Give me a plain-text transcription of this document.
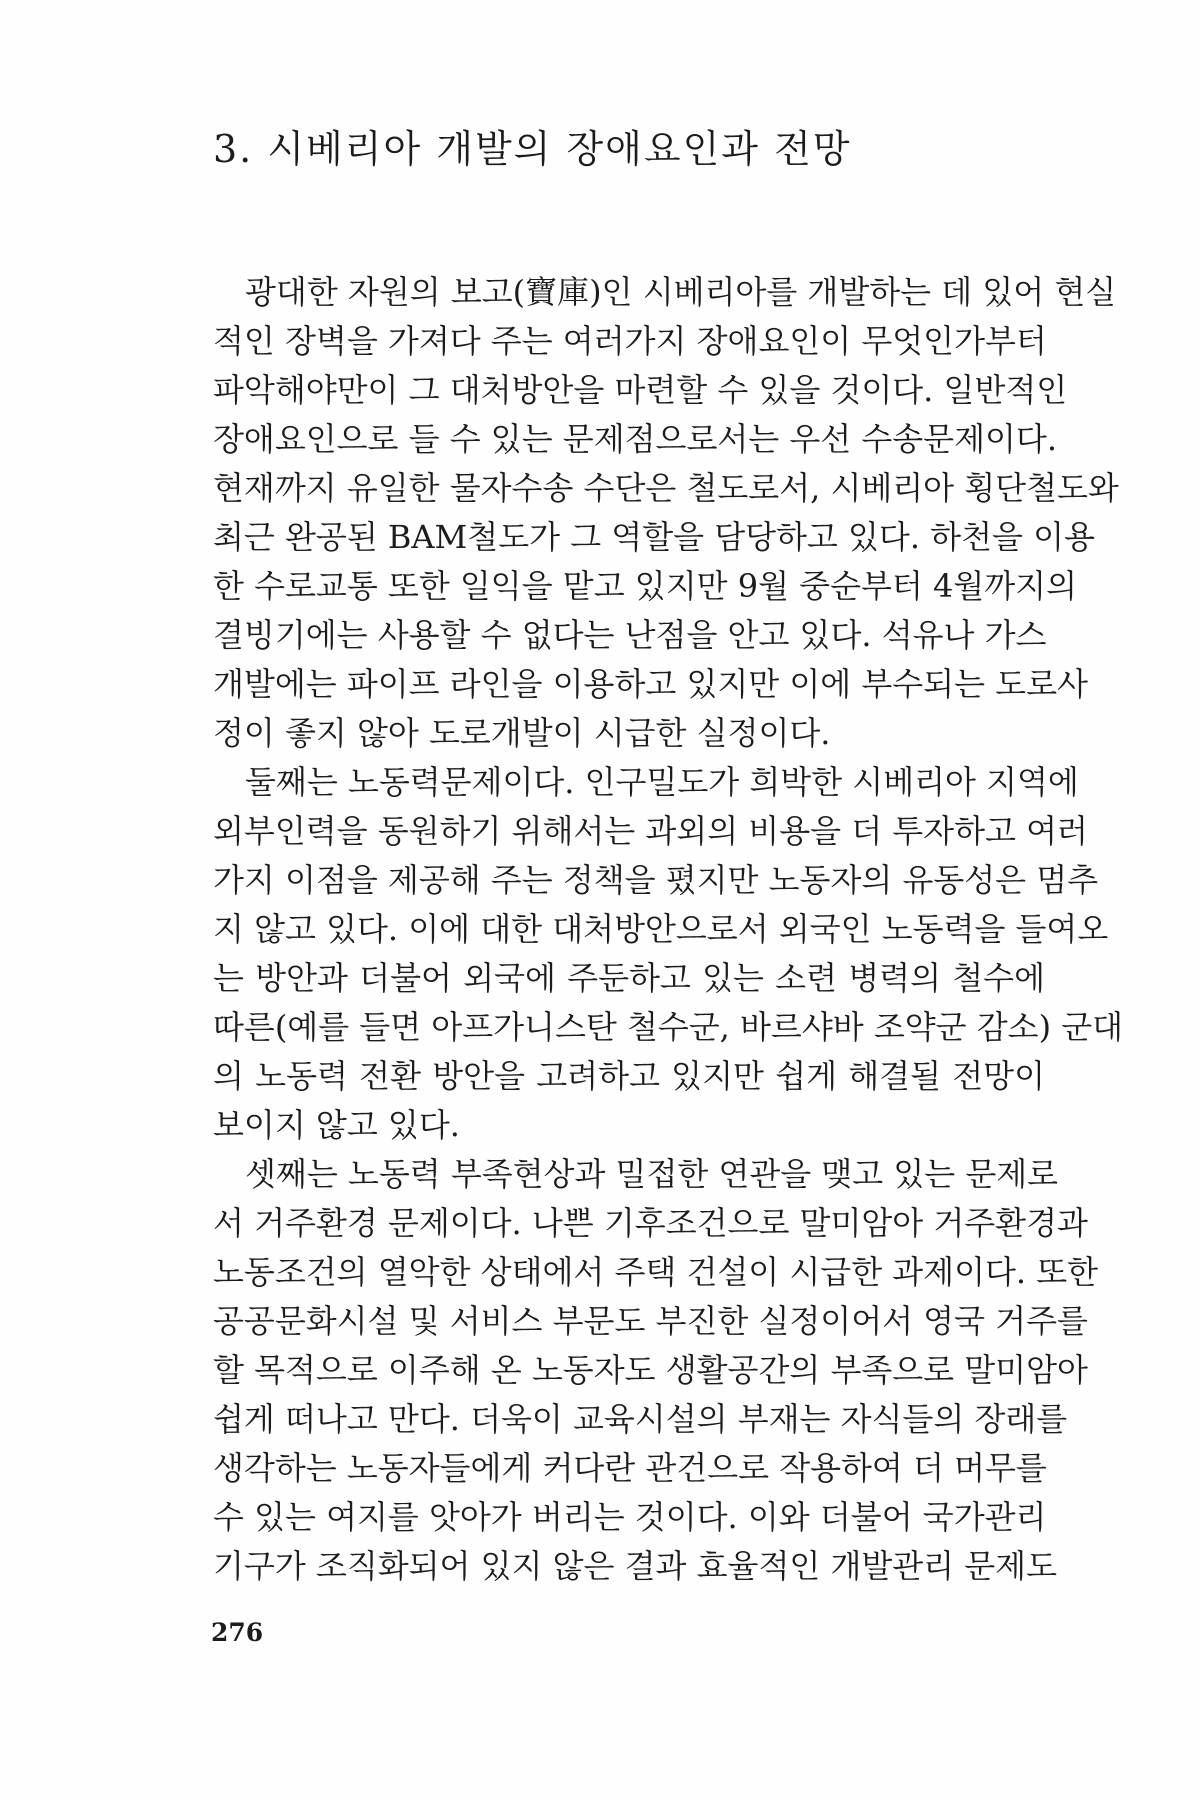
3. 시베리아 개발의 장애요인과 전망
광대한 자원의 보고(寶庫)인 시베리아를 개발하는 데 있어 현실
적인 장벽을 가져다 주는 여러가지 장애요인이 무엇인가부터
파악해야만이 그 대처방안을 마련할 수 있을 것이다. 일반적인
장애요인으로 들 수 있는 문제점으로서는 우선 수송문제이다.
현재까지 유일한 물자수송 수단은 철도로서, 시베리아 횡단철도와
최근 완공된 BAM철도가 그 역할을 담당하고 있다. 하천을 이용
한 수로교통 또한 일익을 맡고 있지만 9월 중순부터 4월까지의
결빙기에는 사용할 수 없다는 난점을 안고 있다. 석유나 가스
개발에는 파이프 라인을 이용하고 있지만 이에 부수되는 도로사
정이 좋지 않아 도로개발이 시급한 실정이다.
둘째는 노동력문제이다. 인구밀도가 희박한 시베리아 지역에
외부인력을 동원하기 위해서는 과외의 비용을 더 투자하고 여러
가지 이점을 제공해 주는 정책을 폈지만 노동자의 유동성은 멈추
지 않고 있다. 이에 대한 대처방안으로서 외국인 노동력을 들여오
는 방안과 더불어 외국에 주둔하고 있는 소련 병력의 철수에
따른(예를 들면 아프가니스탄 철수군, 바르샤바 조약군 감소) 군대
의 노동력 전환 방안을 고려하고 있지만 쉽게 해결될 전망이
보이지 않고 있다.
셋째는 노동력 부족현상과 밀접한 연관을 맺고 있는 문제로
서 거주환경 문제이다. 나쁜 기후조건으로 말미암아 거주환경과
노동조건의 열악한 상태에서 주택 건설이 시급한 과제이다. 또한
공공문화시설 및 서비스 부문도 부진한 실정이어서 영국 거주를
할 목적으로 이주해 온 노동자도 생활공간의 부족으로 말미암아
쉽게 떠나고 만다. 더욱이 교육시설의 부재는 자식들의 장래를
생각하는 노동자들에게 커다란 관건으로 작용하여 더 머무를
수 있는 여지를 앗아가 버리는 것이다. 이와 더불어 국가관리
기구가 조직화되어 있지 않은 결과 효율적인 개발관리 문제도
276
